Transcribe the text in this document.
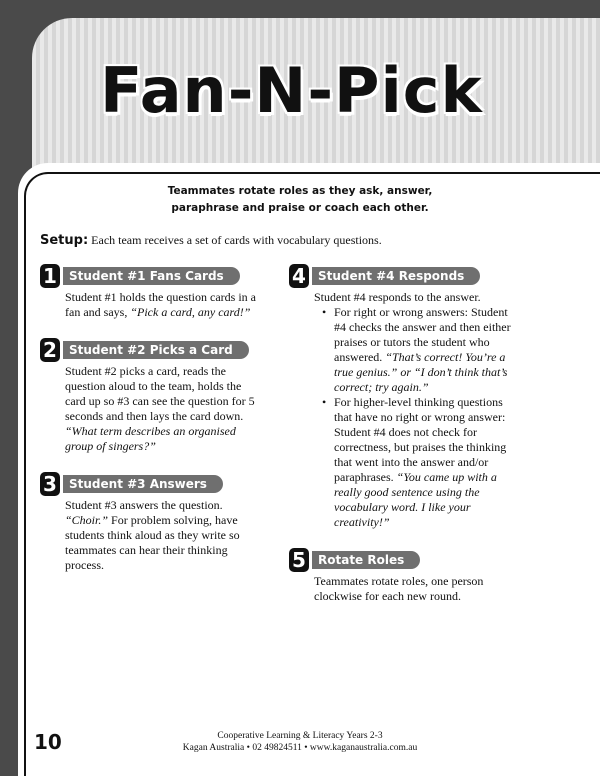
Fan-N-Pick
Teammates rotate roles as they ask, answer,
paraphrase and praise or coach each other.
Setup: Each team receives a set of cards with vocabulary questions.
1	Student #1 Fans Cards
Student #1 holds the question cards in a fan and says, “Pick a card, any card!”
2	Student #2 Picks a Card
Student #2 picks a card, reads the question aloud to the team, holds the card up so #3 can see the question for 5 seconds and then lays the card down. “What term describes an organised group of singers?”
3	Student #3 Answers
Student #3 answers the question. “Choir.” For problem solving, have students think aloud as they write so teammates can hear their thinking process.
4	Student #4 Responds
Student #4 responds to the answer.
• For right or wrong answers: Student #4 checks the answer and then either praises or tutors the student who answered. “That’s correct! You’re a true genius.” or “I don’t think that’s correct; try again.”
• For higher-level thinking questions that have no right or wrong answer: Student #4 does not check for correctness, but praises the thinking that went into the answer and/or paraphrases. “You came up with a really good sentence using the vocabulary word. I like your creativity!”
5	Rotate Roles
Teammates rotate roles, one person clockwise for each new round.
10	Cooperative Learning & Literacy Years 2-3
Kagan Australia • 02 49824511 • www.kaganaustralia.com.au
